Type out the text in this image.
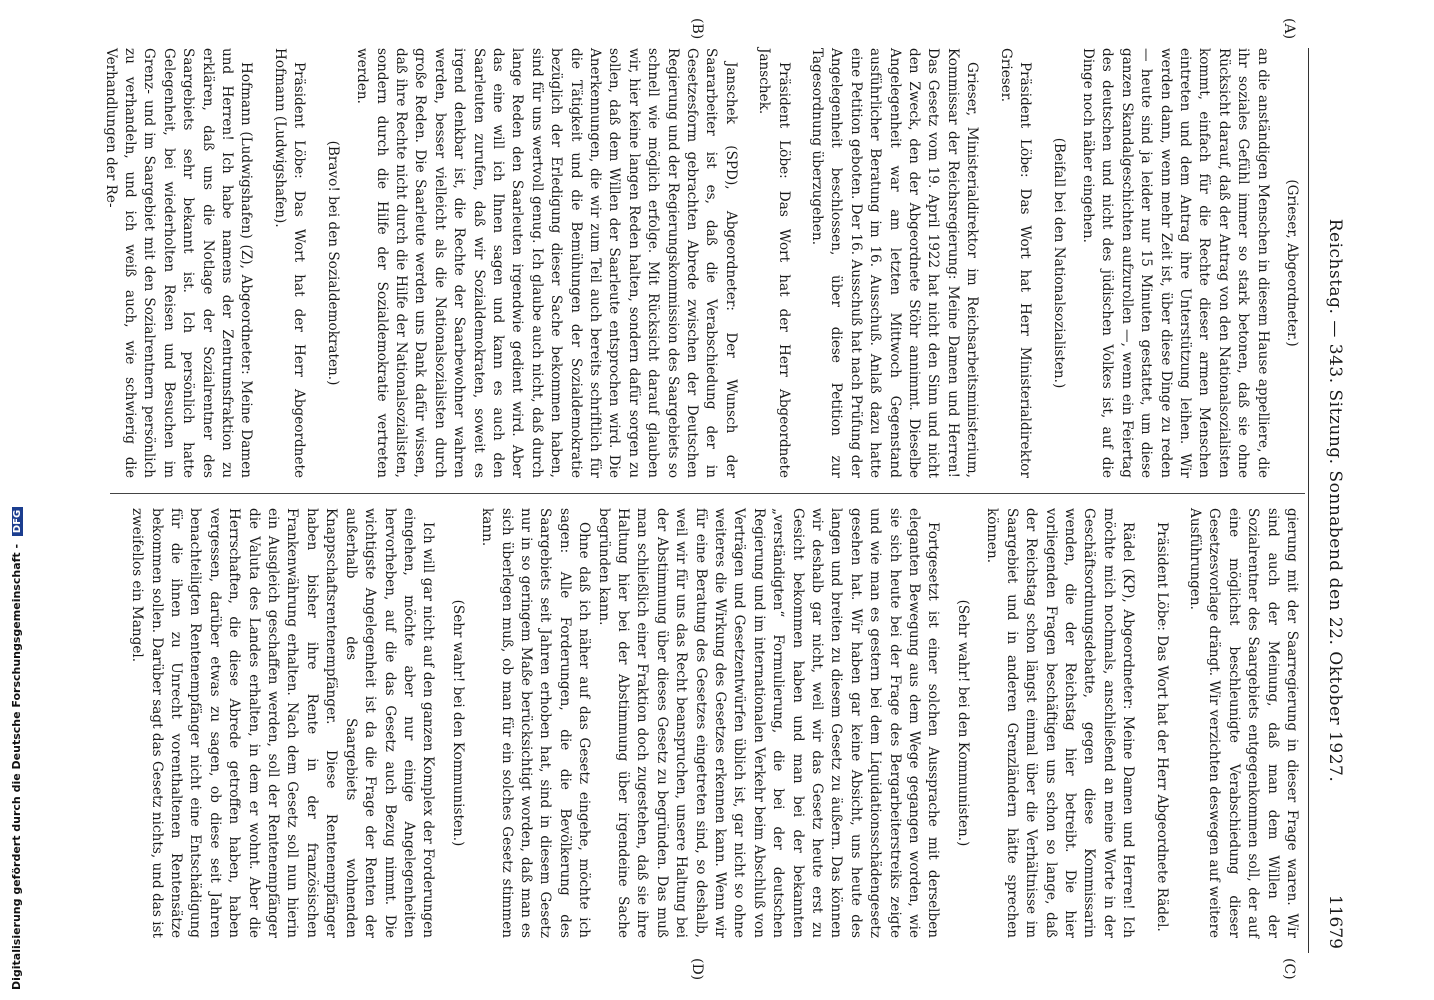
Reichstag. — 343. Sitzung. Sonnabend den 22. Oktober 1927.
11679
(A)
(B)
(C)
(D)

(Grieser, Abgeordneter.)

an die anständigen Menschen in diesem Hause appelliere, die ihr soziales Gefühl immer so stark betonen, daß sie ohne Rücksicht darauf, daß der Antrag von den Nationalsozialisten kommt, einfach für die Rechte dieser armen Menschen eintreten und dem Antrag ihre Unterstützung leihen. Wir werden dann, wenn mehr Zeit ist, über diese Dinge zu reden — heute sind ja leider nur 15 Minuten gestattet, um diese ganzen Skandalgeschichten aufzurollen —, wenn ein Feiertag des deutschen und nicht des jüdischen Volkes ist, auf die Dinge noch näher eingehen.

(Beifall bei den Nationalsozialisten.)

Präsident Löbe: Das Wort hat Herr Ministerialdirektor Grieser.

Grieser, Ministerialdirektor im Reichsarbeitsministerium, Kommissar der Reichsregierung: Meine Damen und Herren! Das Gesetz vom 19. April 1922 hat nicht den Sinn und nicht den Zweck, den der Abgeordnete Stöhr annimmt. Dieselbe Angelegenheit war am letzten Mittwoch Gegenstand ausführlicher Beratung im 16. Ausschuß. Anlaß dazu hatte eine Petition geboten. Der 16. Ausschuß hat nach Prüfung der Angelegenheit beschlossen, über diese Petition zur Tagesordnung überzugehen.

Präsident Löbe: Das Wort hat der Herr Abgeordnete Janschek.

Janschek (SPD), Abgeordneter: Der Wunsch der Saararbeiter ist es, daß die Verabschiedung der in Gesetzesform gebrachten Abrede zwischen der Deutschen Regierung und der Regierungskommission des Saargebiets so schnell wie möglich erfolge. Mit Rücksicht darauf glauben wir, hier keine langen Reden halten, sondern dafür sorgen zu sollen, daß dem Willen der Saarleute entsprochen wird. Die Anerkennungen, die wir zum Teil auch bereits schriftlich für die Tätigkeit und die Bemühungen der Sozialdemokratie bezüglich der Erledigung dieser Sache bekommen haben, sind für uns wertvoll genug. Ich glaube auch nicht, daß durch lange Reden den Saarleuten irgendwie gedient wird. Aber das eine will ich Ihnen sagen und kann es auch den Saarleuten zurufen, daß wir Sozialdemokraten, soweit es irgend denkbar ist, die Rechte der Saarbewohner wahren werden, besser vielleicht als die Nationalsozialisten durch große Reden. Die Saarleute werden uns Dank dafür wissen, daß ihre Rechte nicht durch die Hilfe der Nationalsozialisten, sondern durch die Hilfe der Sozialdemokratie vertreten werden.

(Bravo! bei den Sozialdemokraten.)

Präsident Löbe: Das Wort hat der Herr Abgeordnete Hofmann (Ludwigshafen).

Hofmann (Ludwigshafen) (Z), Abgeordneter: Meine Damen und Herren! Ich habe namens der Zentrumsfraktion zu erklären, daß uns die Notlage der Sozialrentner des Saargebiets sehr bekannt ist. Ich persönlich hatte Gelegenheit, bei wiederholten Reisen und Besuchen im Grenz- und im Saargebiet mit den Sozialrentnern persönlich zu verhandeln, und ich weiß auch, wie schwierig die Verhandlungen der Re-

gierung mit der Saarregierung in dieser Frage waren. Wir sind auch der Meinung, daß man dem Willen der Sozialrentner des Saargebiets entgegenkommen soll, der auf eine möglichst beschleunigte Verabschiedung dieser Gesetzesvorlage drängt. Wir verzichten deswegen auf weitere Ausführungen.

Präsident Löbe: Das Wort hat der Herr Abgeordnete Rädel.

Rädel (KP), Abgeordneter: Meine Damen und Herren! Ich möchte mich nochmals, anschließend an meine Worte in der Geschäftsordnungsdebatte, gegen diese Kommissarin wenden, die der Reichstag hier betreibt. Die hier vorliegenden Fragen beschäftigen uns schon so lange, daß der Reichstag schon längst einmal über die Verhältnisse im Saargebiet und in anderen Grenzländern hätte sprechen können.

(Sehr wahr! bei den Kommunisten.)

Fortgesetzt ist einer solchen Aussprache mit derselben eleganten Bewegung aus dem Wege gegangen worden, wie sie sich heute bei der Frage des Bergarbeiterstreiks zeigte und wie man es gestern bei dem Liquidationsschädengesetz gesehen hat. Wir haben gar keine Absicht, uns heute des langen und breiten zu diesem Gesetz zu äußern. Das können wir deshalb gar nicht, weil wir das Gesetz heute erst zu Gesicht bekommen haben und man bei der bekannten „verständigten“ Formulierung, die bei der deutschen Regierung und im internationalen Verkehr beim Abschluß von Verträgen und Gesetzentwürfen üblich ist, gar nicht so ohne weiteres die Wirkung des Gesetzes erkennen kann. Wenn wir für eine Beratung des Gesetzes eingetreten sind, so deshalb, weil wir für uns das Recht beanspruchen, unsere Haltung bei der Abstimmung über dieses Gesetz zu begründen. Das muß man schließlich einer Fraktion doch zugestehen, daß sie ihre Haltung hier bei der Abstimmung über irgendeine Sache begründen kann.

Ohne daß ich näher auf das Gesetz eingehe, möchte ich sagen: Alle Forderungen, die die Bevölkerung des Saargebiets seit Jahren erhoben hat, sind in diesem Gesetz nur in so geringem Maße berücksichtigt worden, daß man es sich überlegen muß, ob man für ein solches Gesetz stimmen kann.

(Sehr wahr! bei den Kommunisten.)

Ich will gar nicht auf den ganzen Komplex der Forderungen eingehen, möchte aber nur einige Angelegenheiten hervorheben, auf die das Gesetz auch Bezug nimmt. Die wichtigste Angelegenheit ist da die Frage der Renten der außerhalb des Saargebiets wohnenden Knappschaftsrentenempfänger. Diese Rentenempfänger haben bisher ihre Rente in der französischen Frankenwährung erhalten. Nach dem Gesetz soll nun hierin ein Ausgleich geschaffen werden, soll der Rentenempfänger die Valuta des Landes erhalten, in dem er wohnt. Aber die Herrschaften, die diese Abrede getroffen haben, haben vergessen, darüber etwas zu sagen, ob diese seit Jahren benachteiligten Rentenempfänger nicht eine Entschädigung für die ihnen zu Unrecht vorenthaltenen Rentensätze bekommen sollen. Darüber sagt das Gesetz nichts, und das ist zweifellos ein Mangel.

Digitalisierung gefördert durch die Deutsche Forschungsgemeinschaft - DFG
